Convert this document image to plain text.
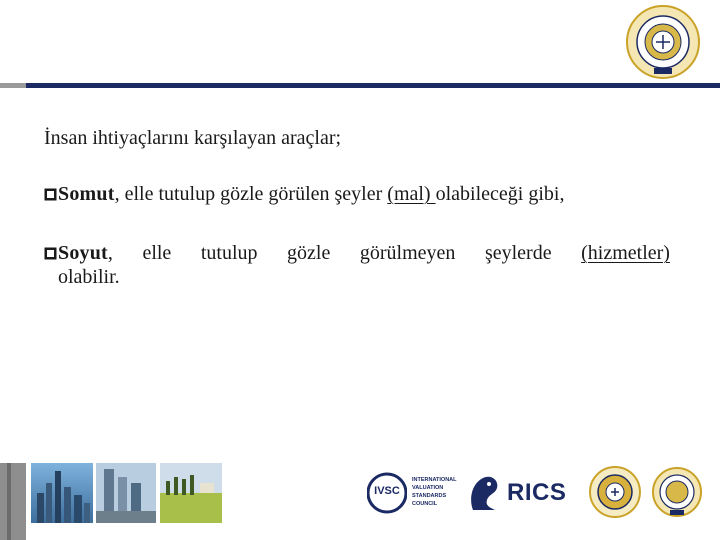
İnsan ihtiyaçlarını karşılayan araçlar;
Somut, elle tutulup gözle görülen şeyler (mal) olabileceği gibi,
Soyut, elle tutulup gözle görülmeyen şeylerde (hizmetler)
olabilir.
IVSC
INTERNATIONAL
VALUATION
STANDARDS
COUNCIL	RICS
